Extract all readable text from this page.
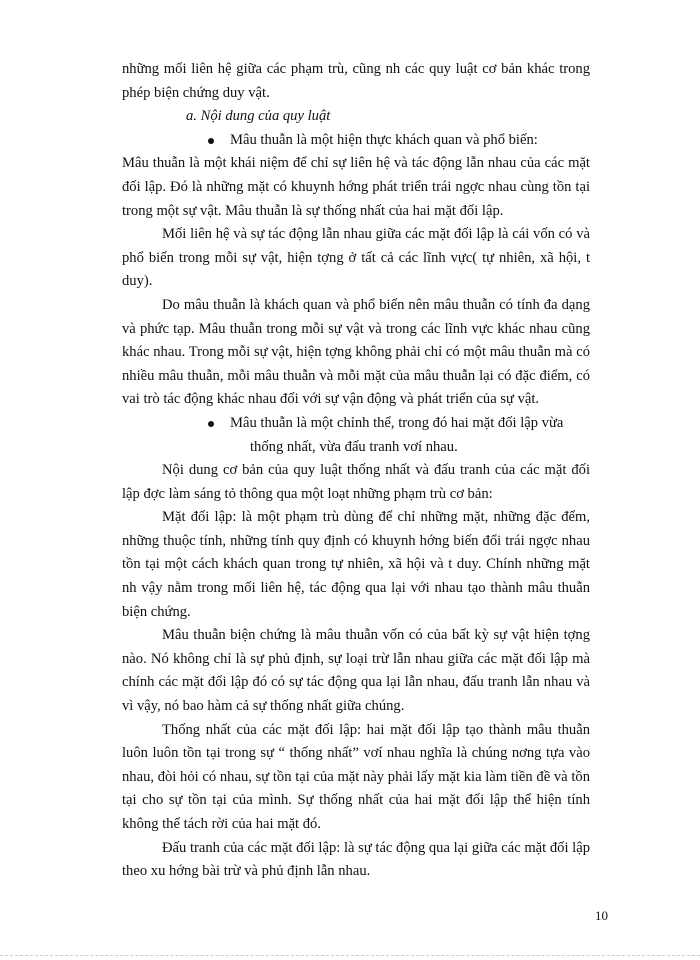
những mối liên hệ giữa các phạm trù, cũng nh các quy luật cơ bản khác trong phép biện chứng duy vật.

a. Nội dung của quy luật

Mâu thuẫn là một hiện thực khách quan và phổ biến:

Mâu thuẫn là một khái niệm để chỉ sự liên hệ và tác động lẫn nhau của các mặt đối lập. Đó là những mặt có khuynh hớng phát triển trái ngợc nhau cùng tồn tại trong một sự vật. Mâu thuẫn là sự thống nhất của hai mặt đối lập.

Mối liên hệ và sự tác động lẫn nhau giữa các mặt đối lập là cái vốn có và phổ biến trong mỗi sự vật, hiện tợng ở tất cả các lĩnh vực( tự nhiên, xã hội, t duy).

Do mâu thuẫn là khách quan và phổ biến nên mâu thuẫn có tính đa dạng và phức tạp. Mâu thuẫn trong mỗi sự vật và trong các lĩnh vực khác nhau cũng khác nhau. Trong mỗi sự vật, hiện tợng không phải chỉ có một mâu thuẫn mà có nhiều mâu thuẫn, mỗi mâu thuẫn và mỗi mặt của mâu thuẫn lại có đặc điểm, có vai trò tác động khác nhau đối với sự vận động và phát triển của sự vật.

Mâu thuẫn là một chỉnh thể, trong đó hai mặt đối lập vừa
thống nhất, vừa đấu tranh vơí nhau.

Nội dung cơ bản của quy luật thống nhất và đấu tranh của các mặt đối lập đợc làm sáng tỏ thông qua một loạt những phạm trù cơ bản:

Mặt đối lập: là một phạm trù dùng để chỉ những mặt, những đặc đểm, những thuộc tính, những tính quy định có khuynh hớng biến đổi trái ngợc nhau tồn tại một cách khách quan trong tự nhiên, xã hội và t duy. Chính những mặt nh vậy nằm trong mối liên hệ, tác động qua lại với nhau tạo thành mâu thuẫn biện chứng.

Mâu thuẫn biện chứng là mâu thuẫn vốn có của bất kỳ sự vật hiện tợng nào. Nó không chỉ là sự phủ định, sự loại trừ lẫn nhau giữa các mặt đối lập mà chính các mặt đối lập đó có sự tác động qua lại lẫn nhau, đấu tranh lẫn nhau và vì vậy, nó bao hàm cả sự thống nhất giữa chúng.

Thống nhất của các mặt đối lập: hai mặt đối lập tạo thành mâu thuẫn luôn luôn tồn tại trong sự “ thống nhất” vơí nhau nghĩa là chúng nơng tựa vào nhau, đòi hỏi có nhau, sự tồn tại của mặt này phải lấy mặt kia làm tiền đề và tồn tại cho sự tồn tại của mình. Sự thống nhất của hai mặt đối lập thể hiện tính không thể tách rời của hai mặt đó.

Đấu tranh của các mặt đối lập: là sự tác động qua lại giữa các mặt đối lập theo xu hớng bài trừ và phủ định lẫn nhau.

10
